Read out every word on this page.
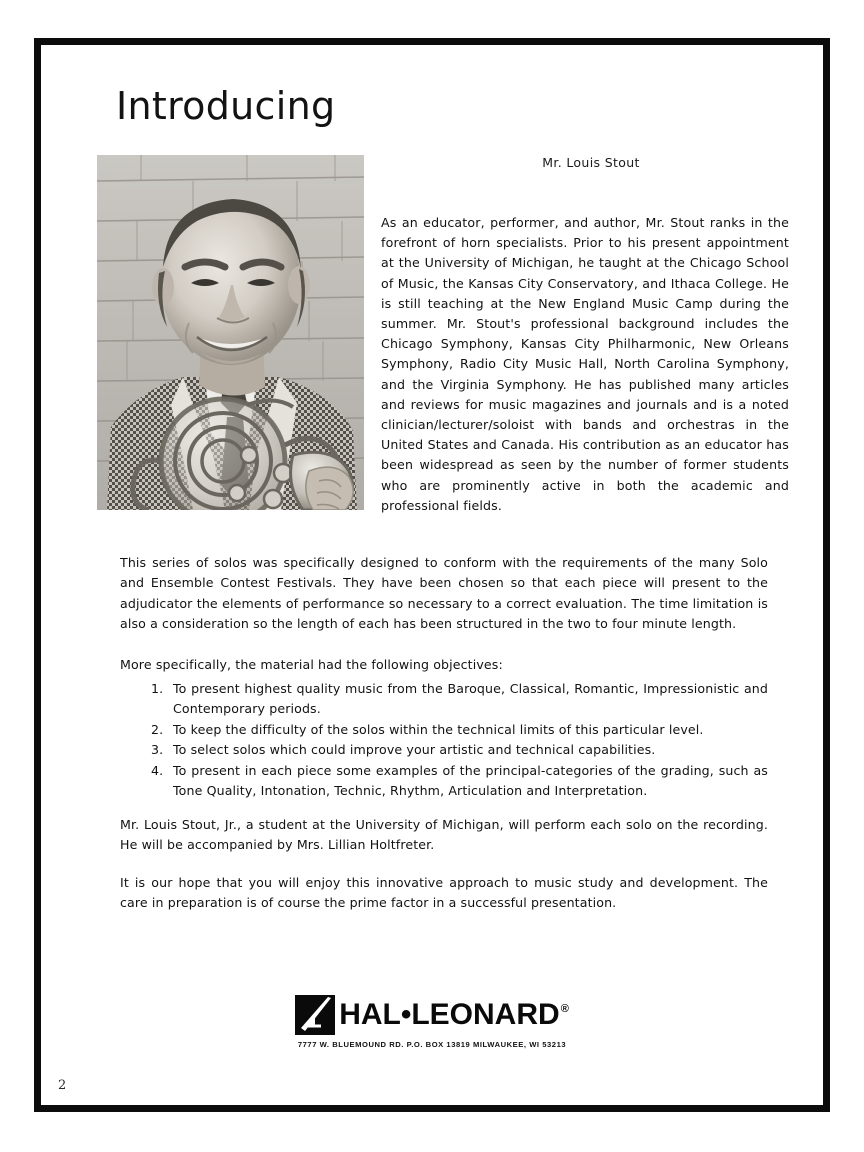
Introducing
Mr. Louis Stout
As an educator, performer, and author, Mr. Stout ranks in the forefront of horn specialists. Prior to his present appointment at the University of Michigan, he taught at the Chicago School of Music, the Kansas City Conservatory, and Ithaca College. He is still teaching at the New England Music Camp during the summer. Mr. Stout's professional background includes the Chicago Symphony, Kansas City Philharmonic, New Orleans Symphony, Radio City Music Hall, North Carolina Symphony, and the Virginia Symphony. He has published many articles and reviews for music magazines and journals and is a noted clinician/lecturer/soloist with bands and orchestras in the United States and Canada. His contribution as an educator has been widespread as seen by the number of former students who are prominently active in both the academic and professional fields.
This series of solos was specifically designed to conform with the requirements of the many Solo and Ensemble Contest Festivals. They have been chosen so that each piece will present to the adjudicator the elements of performance so necessary to a correct evaluation. The time limitation is also a consideration so the length of each has been structured in the two to four minute length.
More specifically, the material had the following objectives:
1. To present highest quality music from the Baroque, Classical, Romantic, Impressionistic and Contemporary periods.
2. To keep the difficulty of the solos within the technical limits of this particular level.
3. To select solos which could improve your artistic and technical capabilities.
4. To present in each piece some examples of the principal-categories of the grading, such as Tone Quality, Intonation, Technic, Rhythm, Articulation and Interpretation.
Mr. Louis Stout, Jr., a student at the University of Michigan, will perform each solo on the recording. He will be accompanied by Mrs. Lillian Holtfreter.
It is our hope that you will enjoy this innovative approach to music study and development. The care in preparation is of course the prime factor in a successful presentation.
HAL•LEONARD ®
7777 W. BLUEMOUND RD. P.O. BOX 13819 MILWAUKEE, WI 53213
2
